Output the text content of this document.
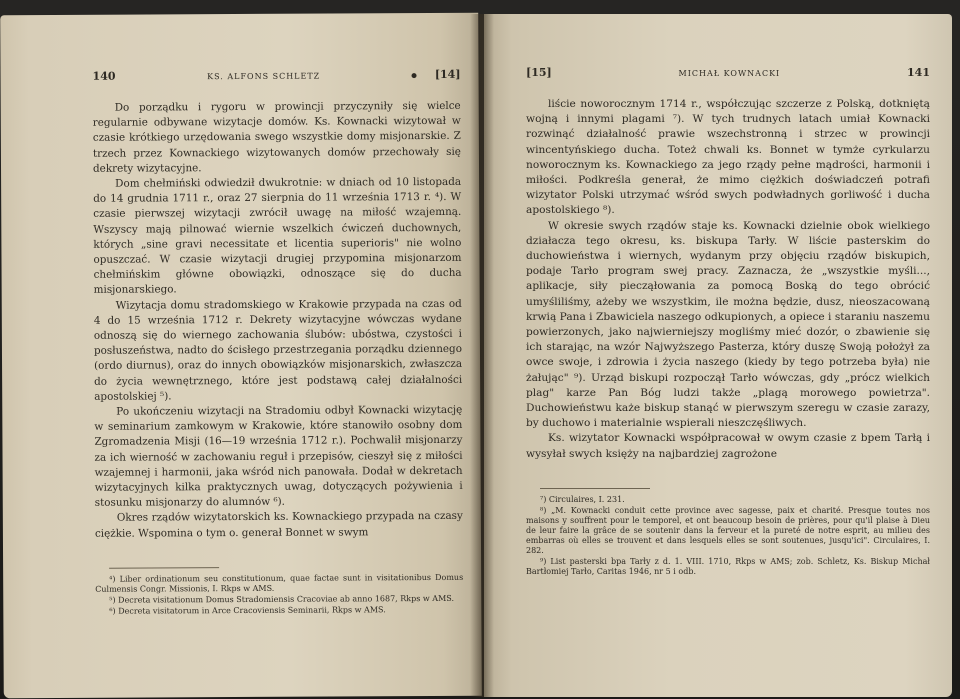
140	KS. ALFONS SCHLETZ	[14]

Do porządku i rygoru w prowincji przyczyniły się wielce regularnie odbywane wizytacje domów. Ks. Kownacki wizytował w czasie krótkiego urzędowania swego wszystkie domy misjonarskie. Z trzech przez Kownackiego wizytowanych domów przechowały się dekrety wizytacyjne.

Dom chełmiński odwiedził dwukrotnie: w dniach od 10 listopada do 14 grudnia 1711 r., oraz 27 sierpnia do 11 września 1713 r. ⁴). W czasie pierwszej wizytacji zwrócił uwagę na miłość wzajemną. Wszyscy mają pilnować wiernie wszelkich ćwiczeń duchownych, których „sine gravi necessitate et licentia superioris" nie wolno opuszczać. W czasie wizytacji drugiej przypomina misjonarzom chełmińskim główne obowiązki, odnoszące się do ducha misjonarskiego.

Wizytacja domu stradomskiego w Krakowie przypada na czas od 4 do 15 września 1712 r. Dekrety wizytacyjne wówczas wydane odnoszą się do wiernego zachowania ślubów: ubóstwa, czystości i posłuszeństwa, nadto do ścisłego przestrzegania porządku dziennego (ordo diurnus), oraz do innych obowiązków misjonarskich, zwłaszcza do życia wewnętrznego, które jest podstawą całej działalności apostolskiej ⁵).

Po ukończeniu wizytacji na Stradomiu odbył Kownacki wizytację w seminarium zamkowym w Krakowie, które stanowiło osobny dom Zgromadzenia Misji (16—19 września 1712 r.). Pochwalił misjonarzy za ich wierność w zachowaniu reguł i przepisów, cieszył się z miłości wzajemnej i harmonii, jaka wśród nich panowała. Dodał w dekretach wizytacyjnych kilka praktycznych uwag, dotyczących pożywienia i stosunku misjonarzy do alumnów ⁶).

Okres rządów wizytatorskich ks. Kownackiego przypada na czasy ciężkie. Wspomina o tym o. generał Bonnet w swym

⁴) Liber ordinationum seu constitutionum, quae factae sunt in visitationibus Domus Culmensis Congr. Missionis, I. Rkps w AMS.

⁵) Decreta visitationum Domus Stradomiensis Cracoviae ab anno 1687, Rkps w AMS.

⁶) Decreta visitatorum in Arce Cracoviensis Seminarii, Rkps w AMS.

[15]	MICHAŁ KOWNACKI	141

liście noworocznym 1714 r., współczując szczerze z Polską, dotkniętą wojną i innymi plagami ⁷). W tych trudnych latach umiał Kownacki rozwinąć działalność prawie wszechstronną i strzec w prowincji wincentyńskiego ducha. Toteż chwali ks. Bonnet w tymże cyrkularzu noworocznym ks. Kownackiego za jego rządy pełne mądrości, harmonii i miłości. Podkreśla generał, że mimo ciężkich doświadczeń potrafi wizytator Polski utrzymać wśród swych podwładnych gorliwość i ducha apostolskiego ⁸).

W okresie swych rządów staje ks. Kownacki dzielnie obok wielkiego działacza tego okresu, ks. biskupa Tarły. W liście pasterskim do duchowieństwa i wiernych, wydanym przy objęciu rządów biskupich, podaje Tarło program swej pracy. Zaznacza, że „wszystkie myśli..., aplikacje, siły piecząłowania za pomocą Boską do tego obrócić umyśliliśmy, ażeby we wszystkim, ile można będzie, dusz, nieoszacowaną krwią Pana i Zbawiciela naszego odkupionych, a opiece i staraniu naszemu powierzonych, jako najwierniejszy mogliśmy mieć dozór, o zbawienie się ich starając, na wzór Najwyższego Pasterza, który duszę Swoją położył za owce swoje, i zdrowia i życia naszego (kiedy by tego potrzeba była) nie żałując" ⁹). Urząd biskupi rozpoczął Tarło wówczas, gdy „prócz wielkich plag" karze Pan Bóg ludzi także „plagą morowego powietrza". Duchowieństwu każe biskup stanąć w pierwszym szeregu w czasie zarazy, by duchowo i materialnie wspierali nieszczęśliwych.

Ks. wizytator Kownacki współpracował w owym czasie z bpem Tarłą i wysyłał swych księży na najbardziej zagrożone

⁷) Circulaires, I. 231.

⁸) „M. Kownacki conduit cette province avec sagesse, paix et charité. Presque toutes nos maisons y souffrent pour le temporel, et ont beaucoup besoin de prières, pour qu'il plaise à Dieu de leur faire la grâce de se soutenir dans la ferveur et la pureté de notre esprit, au milieu des embarras où elles se trouvent et dans lesquels elles se sont soutenues, jusqu'ici". Circulaires, I. 282.

⁹) List pasterski bpa Tarły z d. 1. VIII. 1710, Rkps w AMS; zob. Schletz, Ks. Biskup Michał Bartłomiej Tarło, Caritas 1946, nr 5 i odb.
